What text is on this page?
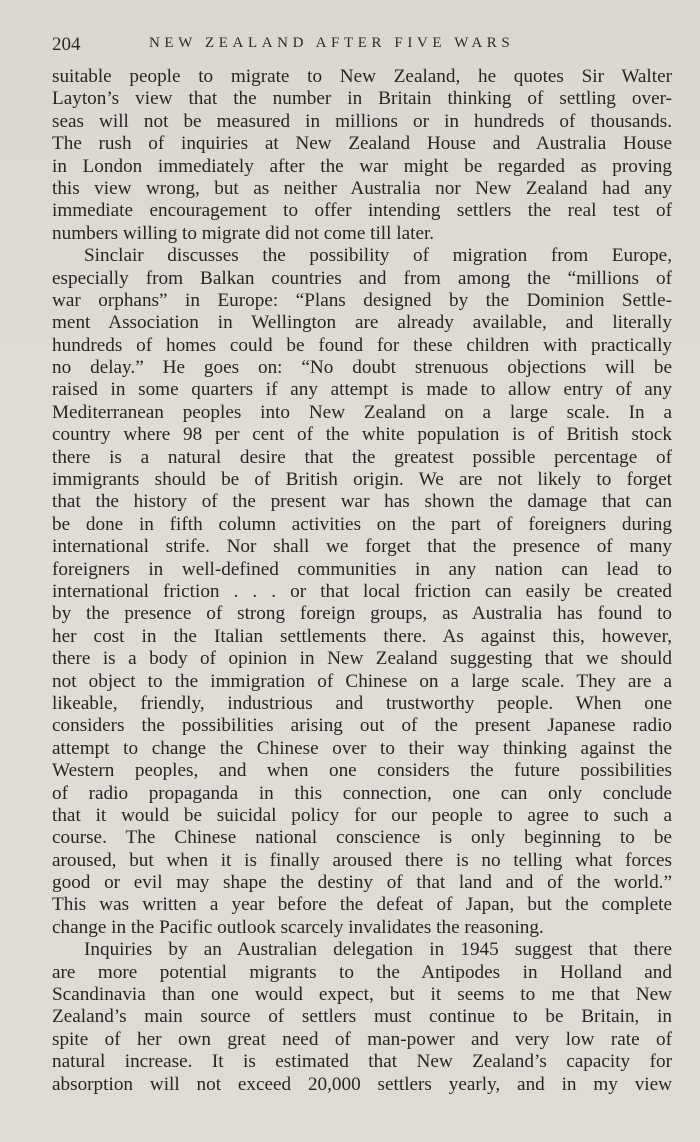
204	NEW ZEALAND AFTER FIVE WARS
suitable people to migrate to New Zealand, he quotes Sir Walter
Layton’s view that the number in Britain thinking of settling over-
seas will not be measured in millions or in hundreds of thousands.
The rush of inquiries at New Zealand House and Australia House
in London immediately after the war might be regarded as proving
this view wrong, but as neither Australia nor New Zealand had any
immediate encouragement to offer intending settlers the real test of
numbers willing to migrate did not come till later.
Sinclair discusses the possibility of migration from Europe,
especially from Balkan countries and from among the “millions of
war orphans” in Europe: “Plans designed by the Dominion Settle-
ment Association in Wellington are already available, and literally
hundreds of homes could be found for these children with practically
no delay.” He goes on: “No doubt strenuous objections will be
raised in some quarters if any attempt is made to allow entry of any
Mediterranean peoples into New Zealand on a large scale. In a
country where 98 per cent of the white population is of British stock
there is a natural desire that the greatest possible percentage of
immigrants should be of British origin. We are not likely to forget
that the history of the present war has shown the damage that can
be done in fifth column activities on the part of foreigners during
international strife. Nor shall we forget that the presence of many
foreigners in well-defined communities in any nation can lead to
international friction . . . or that local friction can easily be created
by the presence of strong foreign groups, as Australia has found to
her cost in the Italian settlements there. As against this, however,
there is a body of opinion in New Zealand suggesting that we should
not object to the immigration of Chinese on a large scale. They are a
likeable, friendly, industrious and trustworthy people. When one
considers the possibilities arising out of the present Japanese radio
attempt to change the Chinese over to their way thinking against the
Western peoples, and when one considers the future possibilities
of radio propaganda in this connection, one can only conclude
that it would be suicidal policy for our people to agree to such a
course. The Chinese national conscience is only beginning to be
aroused, but when it is finally aroused there is no telling what forces
good or evil may shape the destiny of that land and of the world.”
This was written a year before the defeat of Japan, but the complete
change in the Pacific outlook scarcely invalidates the reasoning.
Inquiries by an Australian delegation in 1945 suggest that there
are more potential migrants to the Antipodes in Holland and
Scandinavia than one would expect, but it seems to me that New
Zealand’s main source of settlers must continue to be Britain, in
spite of her own great need of man-power and very low rate of
natural increase. It is estimated that New Zealand’s capacity for
absorption will not exceed 20,000 settlers yearly, and in my view
